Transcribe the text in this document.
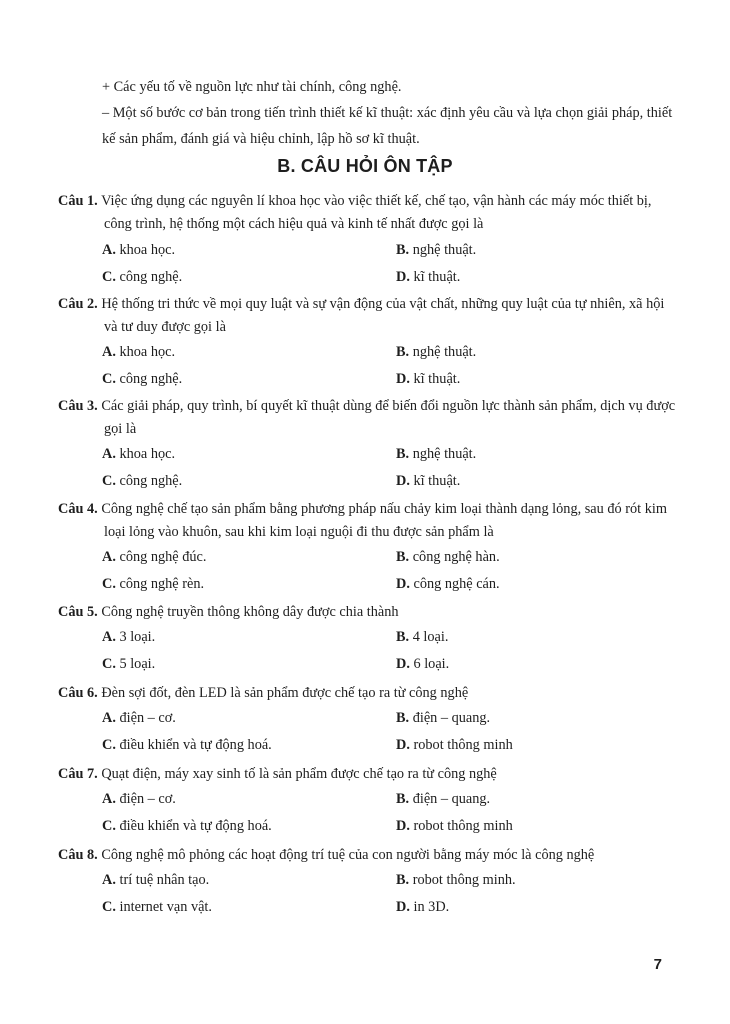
+ Các yếu tố về nguồn lực như tài chính, công nghệ.

– Một số bước cơ bản trong tiến trình thiết kế kĩ thuật: xác định yêu cầu và lựa chọn giải pháp, thiết kế sản phẩm, đánh giá và hiệu chỉnh, lập hồ sơ kĩ thuật.

B. CÂU HỎI ÔN TẬP
Câu 1. Việc ứng dụng các nguyên lí khoa học vào việc thiết kế, chế tạo, vận hành các máy móc thiết bị, công trình, hệ thống một cách hiệu quả và kinh tế nhất được gọi là
A. khoa học.	B. nghệ thuật.
C. công nghệ.	D. kĩ thuật.
Câu 2. Hệ thống tri thức về mọi quy luật và sự vận động của vật chất, những quy luật của tự nhiên, xã hội và tư duy được gọi là
A. khoa học.	B. nghệ thuật.
C. công nghệ.	D. kĩ thuật.
Câu 3. Các giải pháp, quy trình, bí quyết kĩ thuật dùng để biến đổi nguồn lực thành sản phẩm, dịch vụ được gọi là
A. khoa học.	B. nghệ thuật.
C. công nghệ.	D. kĩ thuật.
Câu 4. Công nghệ chế tạo sản phẩm bằng phương pháp nấu chảy kim loại thành dạng lỏng, sau đó rót kim loại lỏng vào khuôn, sau khi kim loại nguội đi thu được sản phẩm là
A. công nghệ đúc.	B. công nghệ hàn.
C. công nghệ rèn.	D. công nghệ cán.
Câu 5. Công nghệ truyền thông không dây được chia thành
A. 3 loại.	B. 4 loại.
C. 5 loại.	D. 6 loại.
Câu 6. Đèn sợi đốt, đèn LED là sản phẩm được chế tạo ra từ công nghệ
A. điện – cơ.	B. điện – quang.
C. điều khiển và tự động hoá.	D. robot thông minh
Câu 7. Quạt điện, máy xay sinh tố là sản phẩm được chế tạo ra từ công nghệ
A. điện – cơ.	B. điện – quang.
C. điều khiển và tự động hoá.	D. robot thông minh
Câu 8. Công nghệ mô phỏng các hoạt động trí tuệ của con người bằng máy móc là công nghệ
A. trí tuệ nhân tạo.	B. robot thông minh.
C. internet vạn vật.	D. in 3D.
7
